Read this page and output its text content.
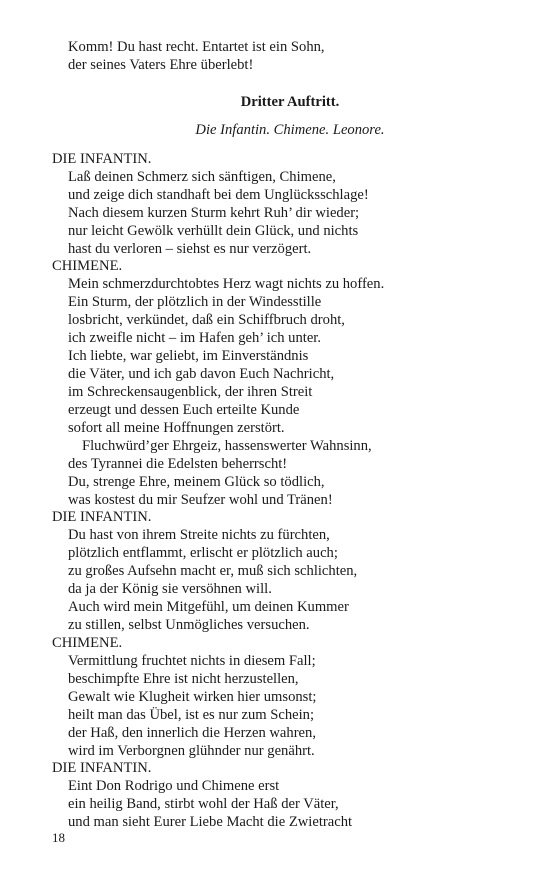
Komm! Du hast recht. Entartet ist ein Sohn,
der seines Vaters Ehre überlebt!
Dritter Auftritt.
Die Infantin. Chimene. Leonore.
DIE INFANTIN.
Laß deinen Schmerz sich sänftigen, Chimene,
und zeige dich standhaft bei dem Unglücksschlage!
Nach diesem kurzen Sturm kehrt Ruh’ dir wieder;
nur leicht Gewölk verhüllt dein Glück, und nichts
hast du verloren – siehst es nur verzögert.
CHIMENE.
Mein schmerzdurchtobtes Herz wagt nichts zu hoffen.
Ein Sturm, der plötzlich in der Windesstille
losbricht, verkündet, daß ein Schiffbruch droht,
ich zweifle nicht – im Hafen geh’ ich unter.
Ich liebte, war geliebt, im Einverständnis
die Väter, und ich gab davon Euch Nachricht,
im Schreckensaugenblick, der ihren Streit
erzeugt und dessen Euch erteilte Kunde
sofort all meine Hoffnungen zerstört.
Fluchwürd’ger Ehrgeiz, hassenswerter Wahnsinn,
des Tyrannei die Edelsten beherrscht!
Du, strenge Ehre, meinem Glück so tödlich,
was kostest du mir Seufzer wohl und Tränen!
DIE INFANTIN.
Du hast von ihrem Streite nichts zu fürchten,
plötzlich entflammt, erlischt er plötzlich auch;
zu großes Aufsehn macht er, muß sich schlichten,
da ja der König sie versöhnen will.
Auch wird mein Mitgefühl, um deinen Kummer
zu stillen, selbst Unmögliches versuchen.
CHIMENE.
Vermittlung fruchtet nichts in diesem Fall;
beschimpfte Ehre ist nicht herzustellen,
Gewalt wie Klugheit wirken hier umsonst;
heilt man das Übel, ist es nur zum Schein;
der Haß, den innerlich die Herzen wahren,
wird im Verborgnen glühnder nur genährt.
DIE INFANTIN.
Eint Don Rodrigo und Chimene erst
ein heilig Band, stirbt wohl der Haß der Väter,
und man sieht Eurer Liebe Macht die Zwietracht
18
